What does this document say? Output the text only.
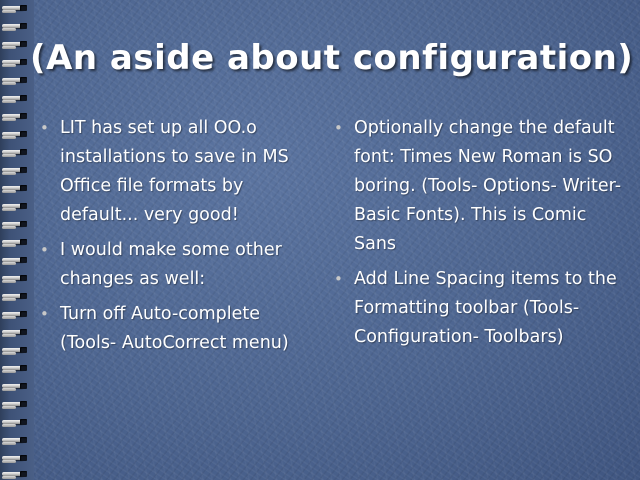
(An aside about configuration)
• LIT has set up all OO.o installations to save in MS Office file formats by default... very good!
• I would make some other changes as well:
• Turn off Auto-complete (Tools- AutoCorrect menu)
• Optionally change the default font: Times New Roman is SO boring. (Tools- Options- Writer- Basic Fonts). This is Comic Sans
• Add Line Spacing items to the Formatting toolbar (Tools- Configuration- Toolbars)
